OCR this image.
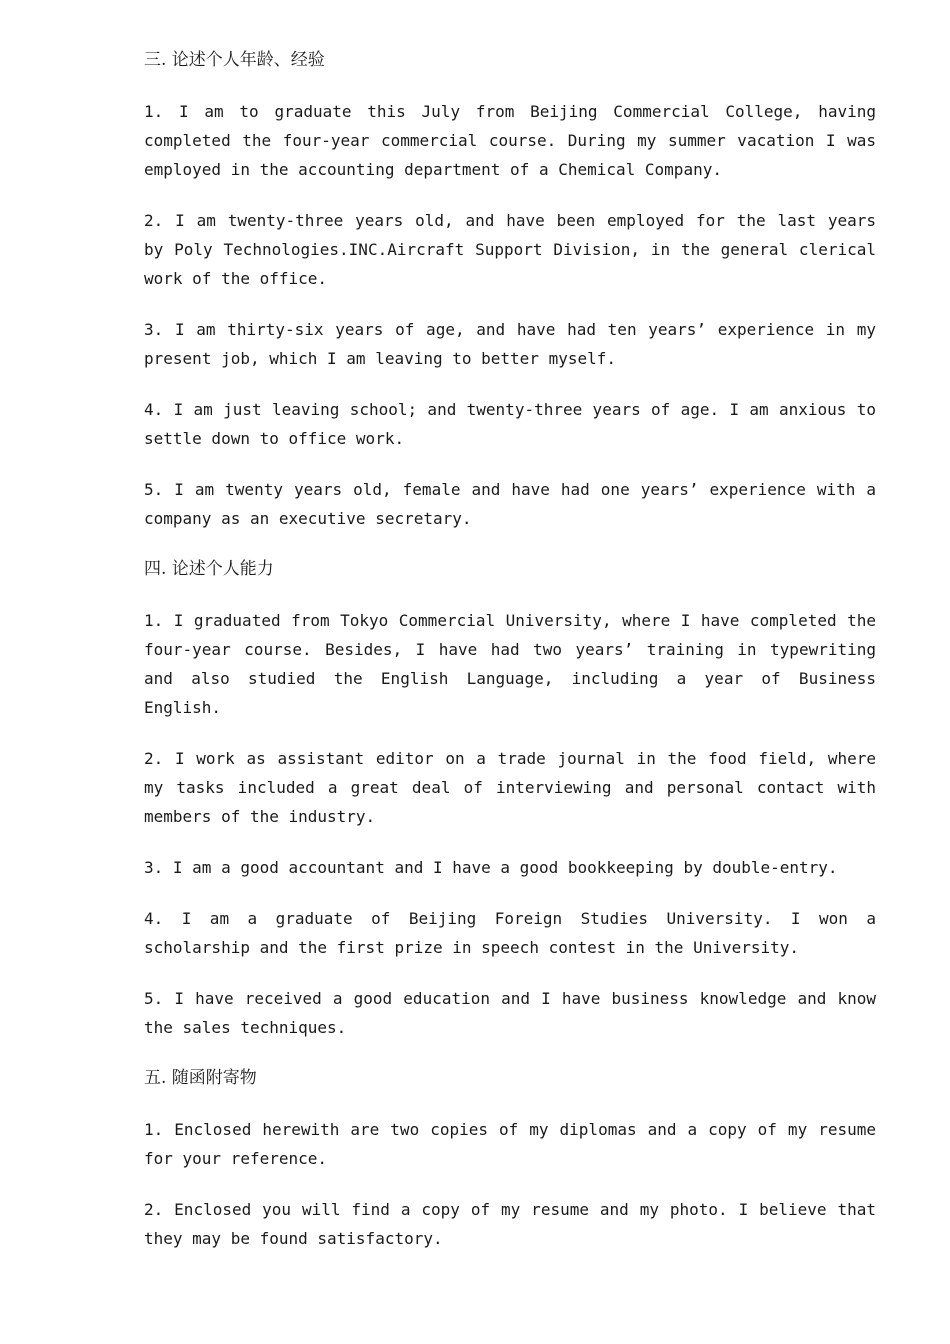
三. 论述个人年龄、经验

1. I am to graduate this July from Beijing Commercial College, having completed the four-year commercial course. During my summer vacation I was employed in the accounting department of a Chemical Company.

2. I am twenty-three years old, and have been employed for the last years by Poly Technologies.INC.Aircraft Support Division, in the general clerical work of the office.

3. I am thirty-six years of age, and have had ten years’ experience in my present job, which I am leaving to better myself.

4. I am just leaving school; and twenty-three years of age. I am anxious to settle down to office work.

5. I am twenty years old, female and have had one years’ experience with a company as an executive secretary.

四. 论述个人能力

1. I graduated from Tokyo Commercial University, where I have completed the four-year course. Besides, I have had two years’ training in typewriting and also studied the English Language, including a year of Business English.

2. I work as assistant editor on a trade journal in the food field, where my tasks included a great deal of interviewing and personal contact with members of the industry.

3. I am a good accountant and I have a good bookkeeping by double-entry.

4. I am a graduate of Beijing Foreign Studies University. I won a scholarship and the first prize in speech contest in the University.

5. I have received a good education and I have business knowledge and know the sales techniques.

五. 随函附寄物

1. Enclosed herewith are two copies of my diplomas and a copy of my resume for your reference.

2. Enclosed you will find a copy of my resume and my photo. I believe that they may be found satisfactory.
